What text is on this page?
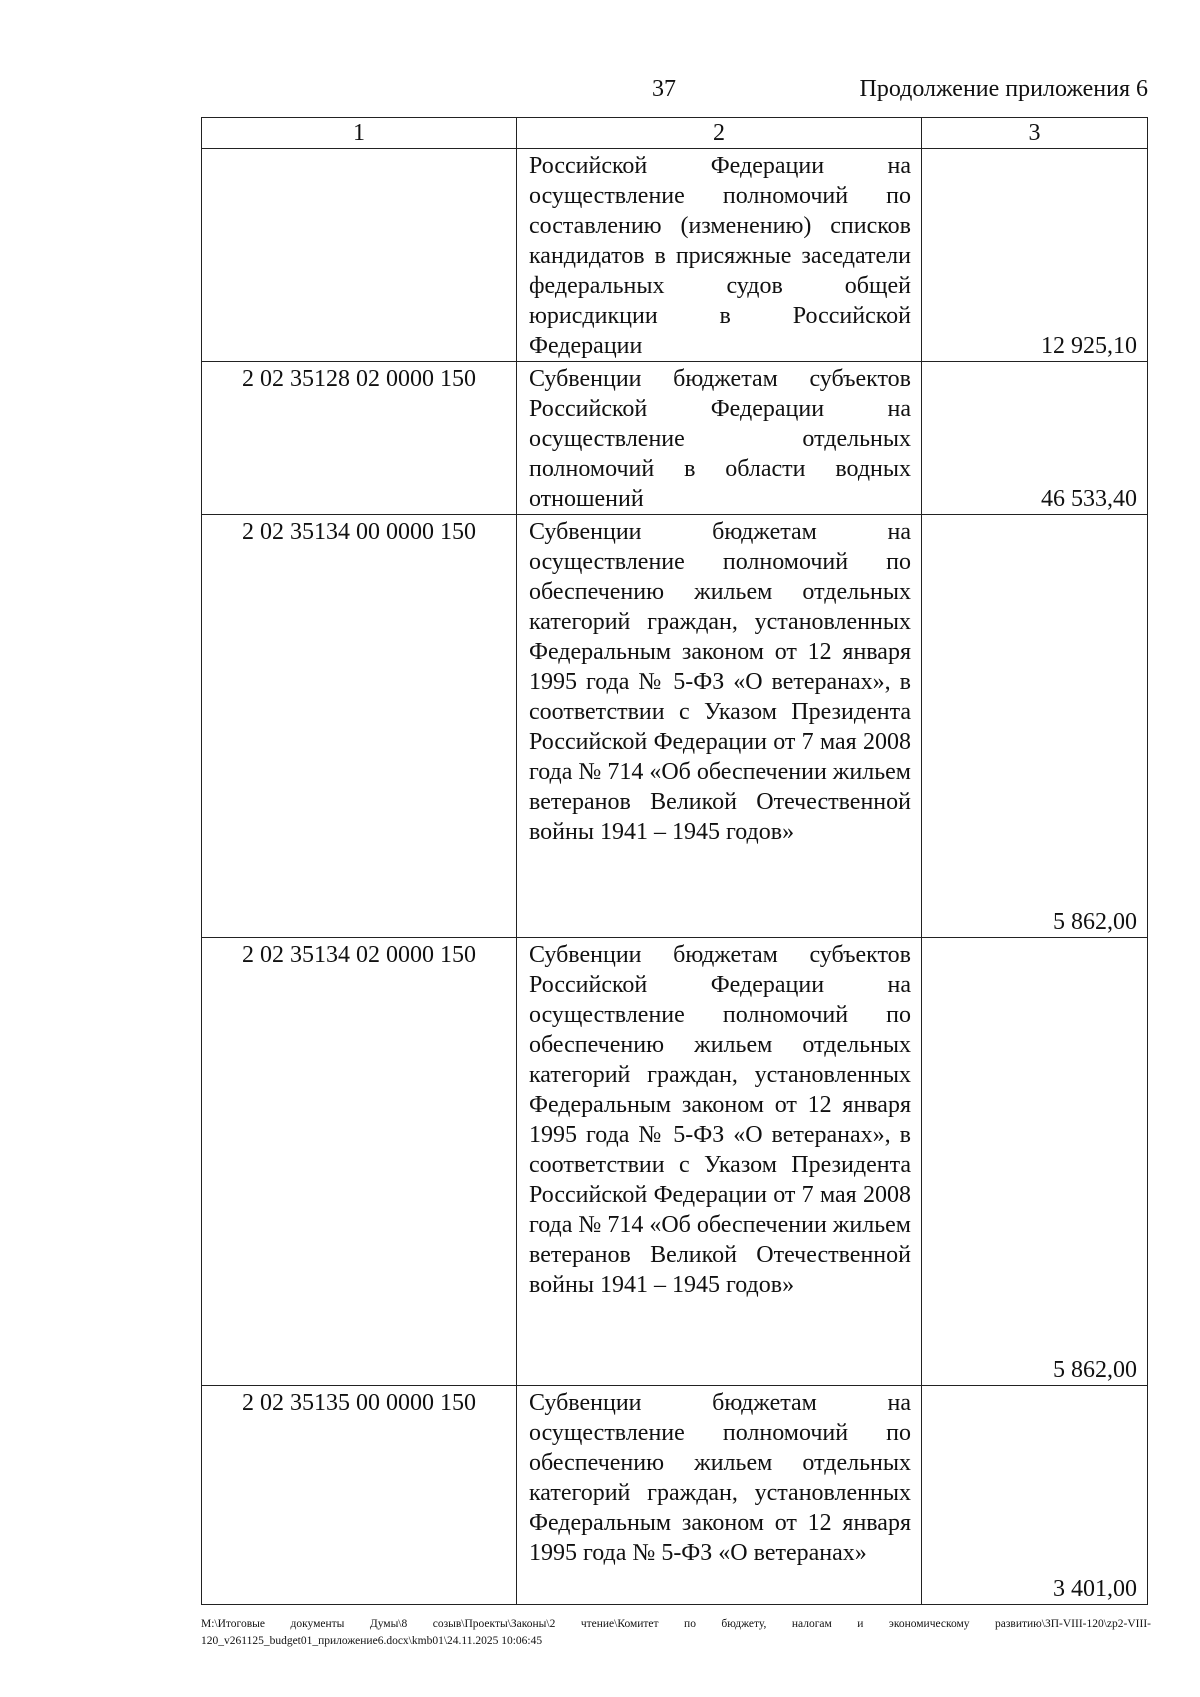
37	Продолжение приложения 6
1	2	3
	Российской Федерации на осуществление полномочий по составлению (изменению) списков кандидатов в присяжные заседатели федеральных судов общей юрисдикции в Российской Федерации	12 925,10
2 02 35128 02 0000 150	Субвенции бюджетам субъектов Российской Федерации на осуществление отдельных полномочий в области водных отношений	46 533,40
2 02 35134 00 0000 150	Субвенции бюджетам на осуществление полномочий по обеспечению жильем отдельных категорий граждан, установленных Федеральным законом от 12 января 1995 года № 5-ФЗ «О ветеранах», в соответствии с Указом Президента Российской Федерации от 7 мая 2008 года № 714 «Об обеспечении жильем ветеранов Великой Отечественной войны 1941 – 1945 годов»	5 862,00
2 02 35134 02 0000 150	Субвенции бюджетам субъектов Российской Федерации на осуществление полномочий по обеспечению жильем отдельных категорий граждан, установленных Федеральным законом от 12 января 1995 года № 5-ФЗ «О ветеранах», в соответствии с Указом Президента Российской Федерации от 7 мая 2008 года № 714 «Об обеспечении жильем ветеранов Великой Отечественной войны 1941 – 1945 годов»	5 862,00
2 02 35135 00 0000 150	Субвенции бюджетам на осуществление полномочий по обеспечению жильем отдельных категорий граждан, установленных Федеральным законом от 12 января 1995 года № 5-ФЗ «О ветеранах»	3 401,00
M:\Итоговые документы Думы\8 созыв\Проекты\Законы\2 чтение\Комитет по бюджету, налогам и экономическому развитию\ЗП-VIII-120\zp2-VIII-120_v261125_budget01_приложение6.docx\kmb01\24.11.2025 10:06:45
